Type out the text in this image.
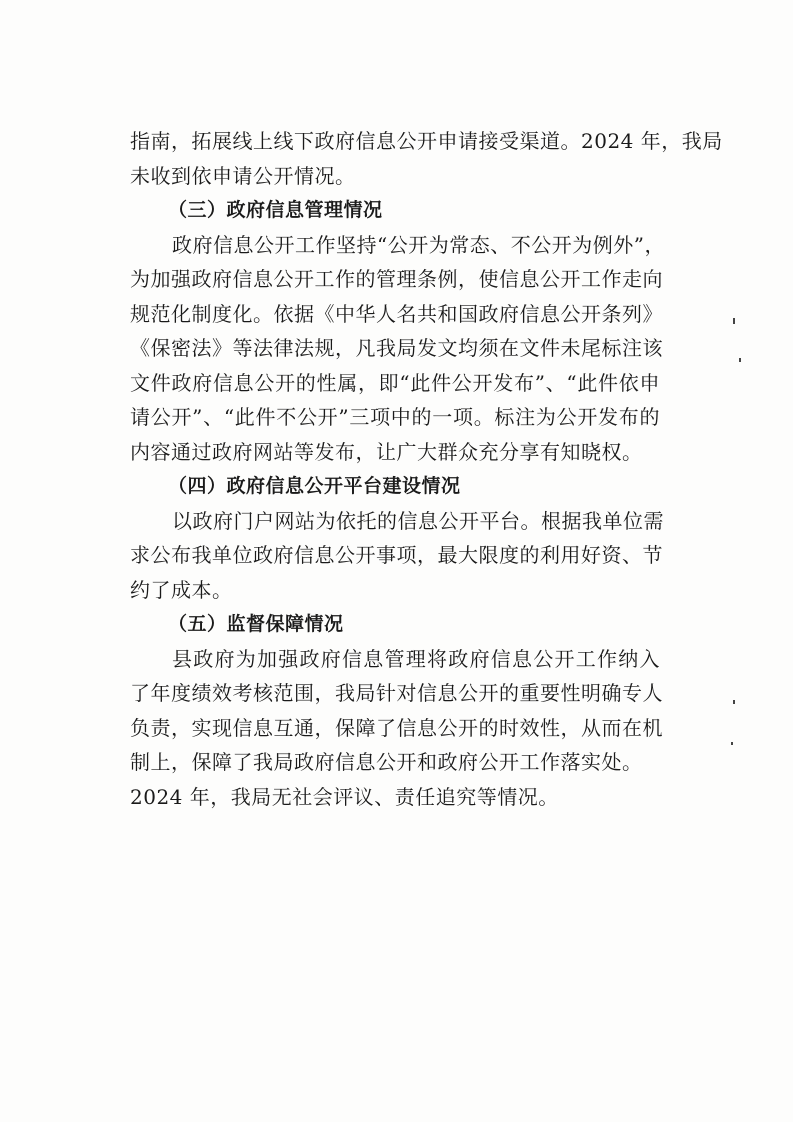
指南，拓展线上线下政府信息公开申请接受渠道。2024 年，我局
未收到依申请公开情况。
（三）政府信息管理情况
政府信息公开工作坚持“公开为常态、不公开为例外”，
为加强政府信息公开工作的管理条例，使信息公开工作走向
规范化制度化。依据《中华人名共和国政府信息公开条列》
《保密法》等法律法规，凡我局发文均须在文件未尾标注该
文件政府信息公开的性属，即“此件公开发布”、“此件依申
请公开”、“此件不公开”三项中的一项。标注为公开发布的
内容通过政府网站等发布，让广大群众充分享有知晓权。
（四）政府信息公开平台建设情况
以政府门户网站为依托的信息公开平台。根据我单位需
求公布我单位政府信息公开事项，最大限度的利用好资、节
约了成本。
（五）监督保障情况
县政府为加强政府信息管理将政府信息公开工作纳入
了年度绩效考核范围，我局针对信息公开的重要性明确专人
负责，实现信息互通，保障了信息公开的时效性，从而在机
制上，保障了我局政府信息公开和政府公开工作落实处。
2024 年，我局无社会评议、责任追究等情况。
